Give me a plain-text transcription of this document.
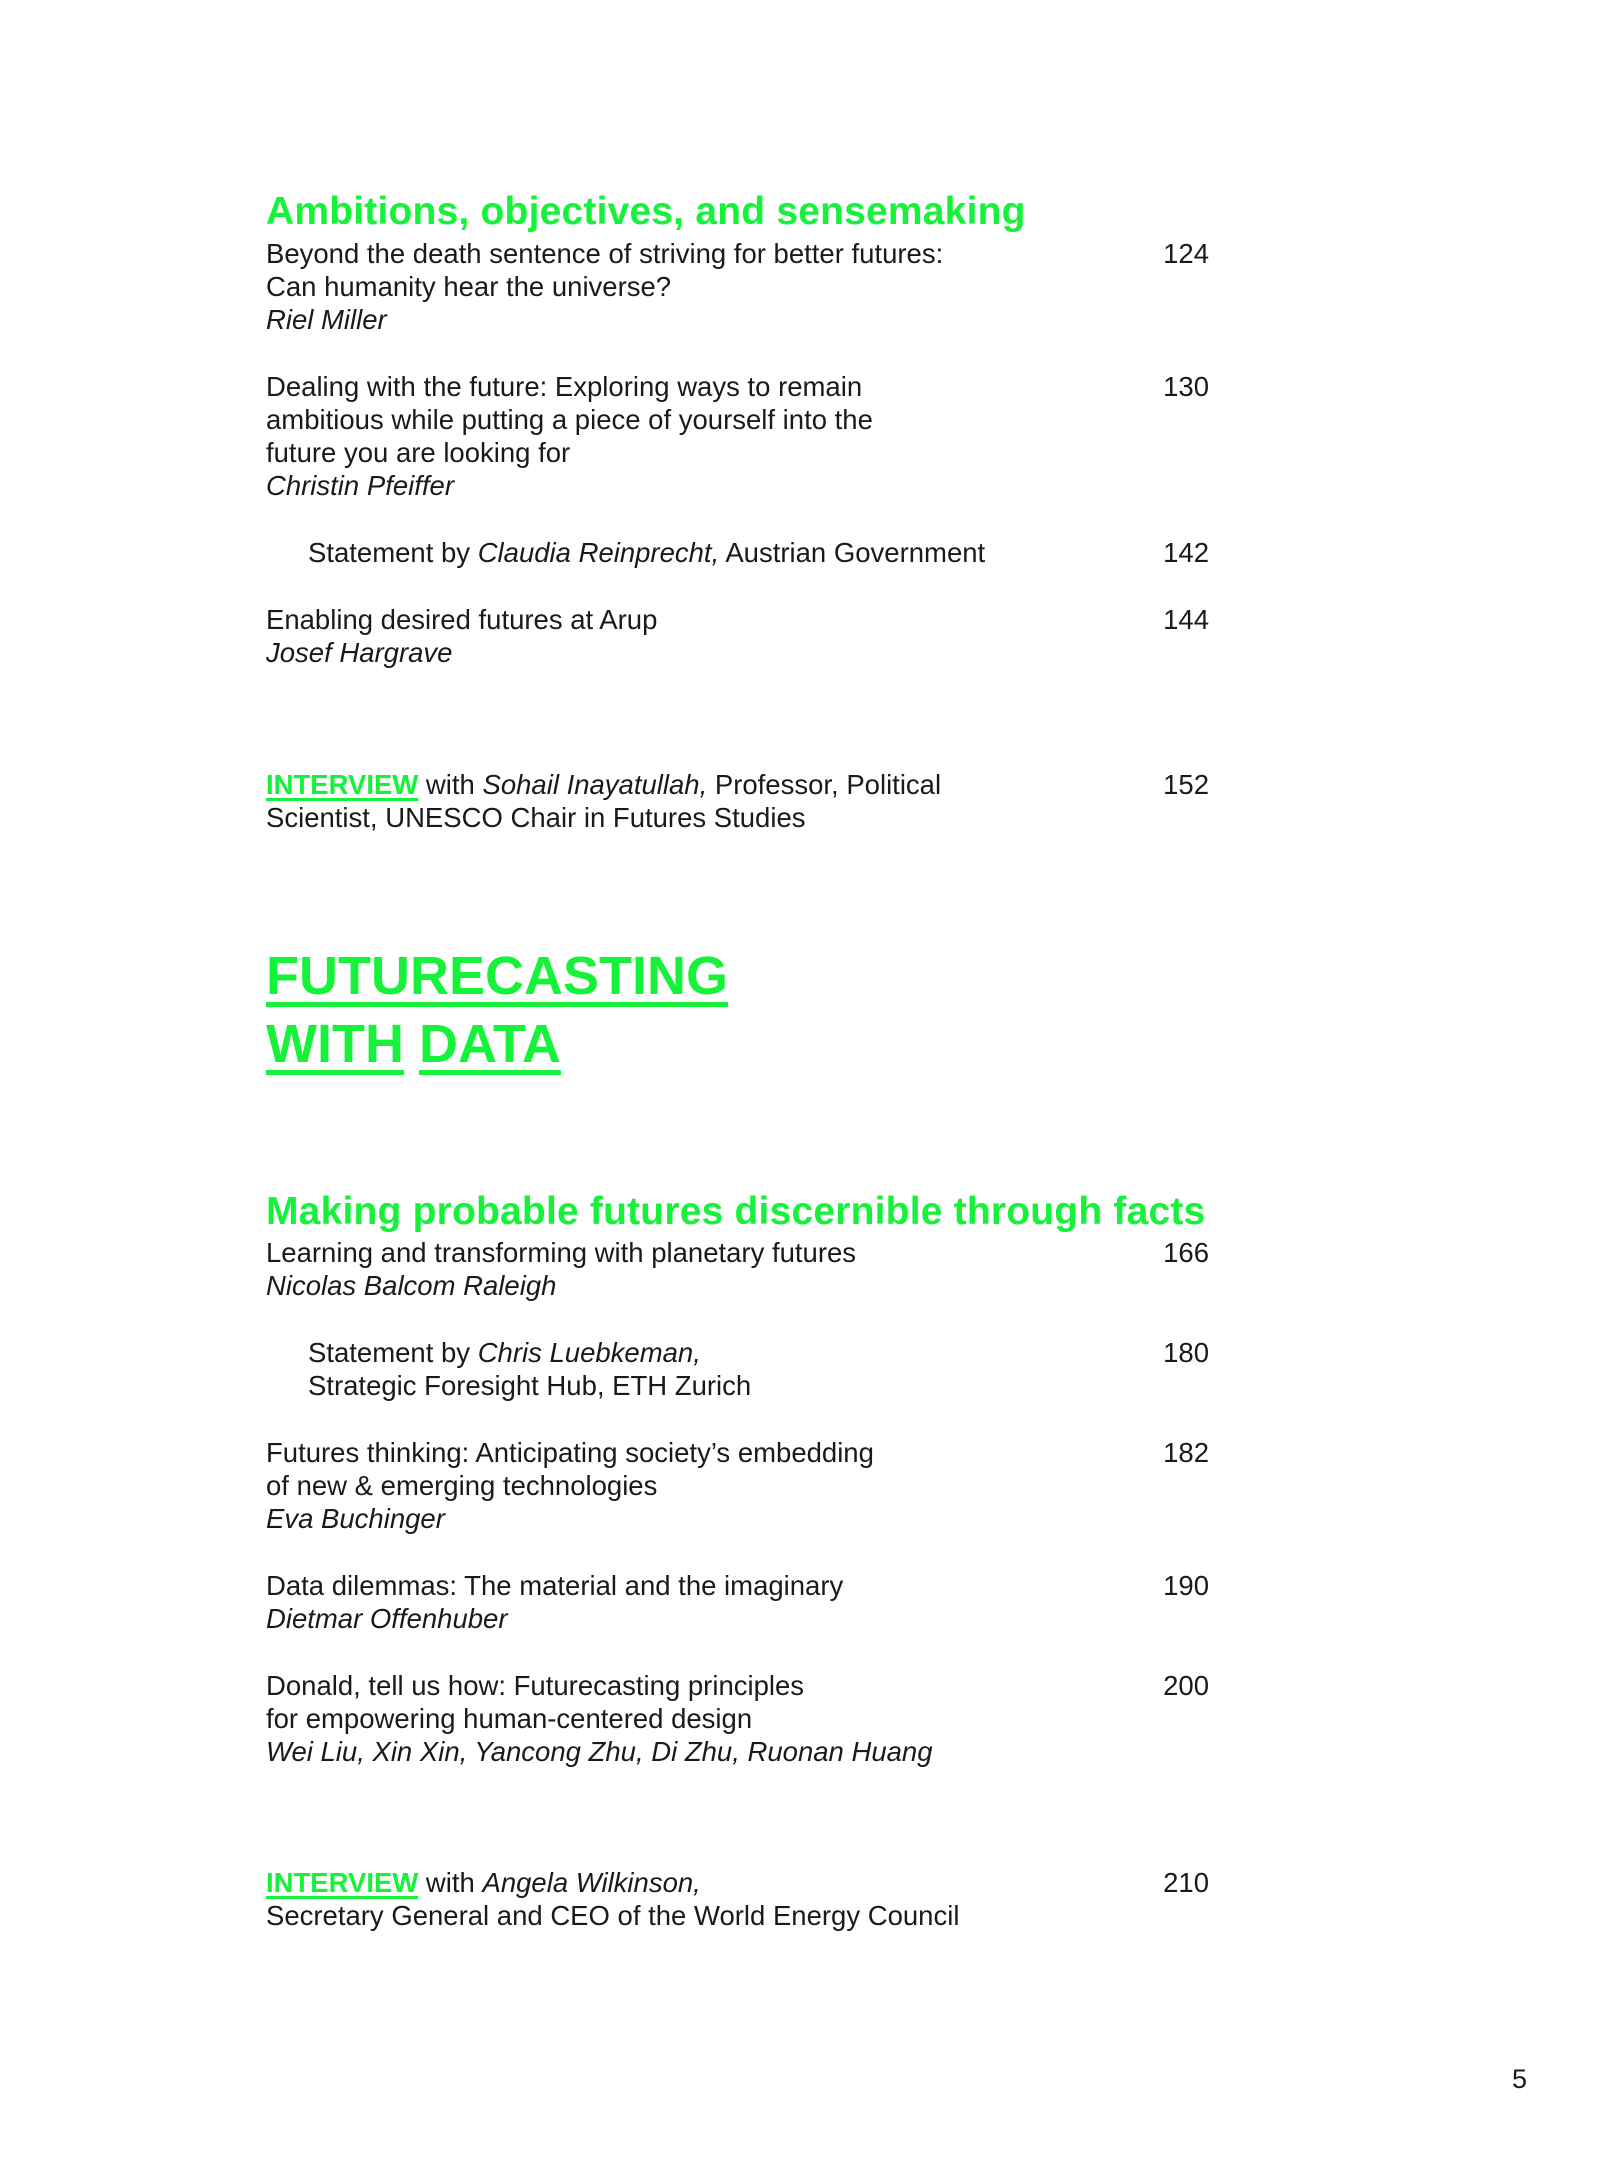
Ambitions, objectives, and sensemaking
Beyond the death sentence of striving for better futures:
Can humanity hear the universe?
Riel Miller
124
Dealing with the future: Exploring ways to remain
ambitious while putting a piece of yourself into the
future you are looking for
Christin Pfeiffer
130
Statement by Claudia Reinprecht, Austrian Government	142
Enabling desired futures at Arup
Josef Hargrave
144
INTERVIEW with Sohail Inayatullah, Professor, Political
Scientist, UNESCO Chair in Futures Studies
152
FUTURECASTING
WITH DATA
Making probable futures discernible through facts
Learning and transforming with planetary futures
Nicolas Balcom Raleigh
166
Statement by Chris Luebkeman,
Strategic Foresight Hub, ETH Zurich
180
Futures thinking: Anticipating society’s embedding
of new & emerging technologies
Eva Buchinger
182
Data dilemmas: The material and the imaginary
Dietmar Offenhuber
190
Donald, tell us how: Futurecasting principles
for empowering human-centered design
Wei Liu, Xin Xin, Yancong Zhu, Di Zhu, Ruonan Huang
200
INTERVIEW with Angela Wilkinson,
Secretary General and CEO of the World Energy Council
210
5
